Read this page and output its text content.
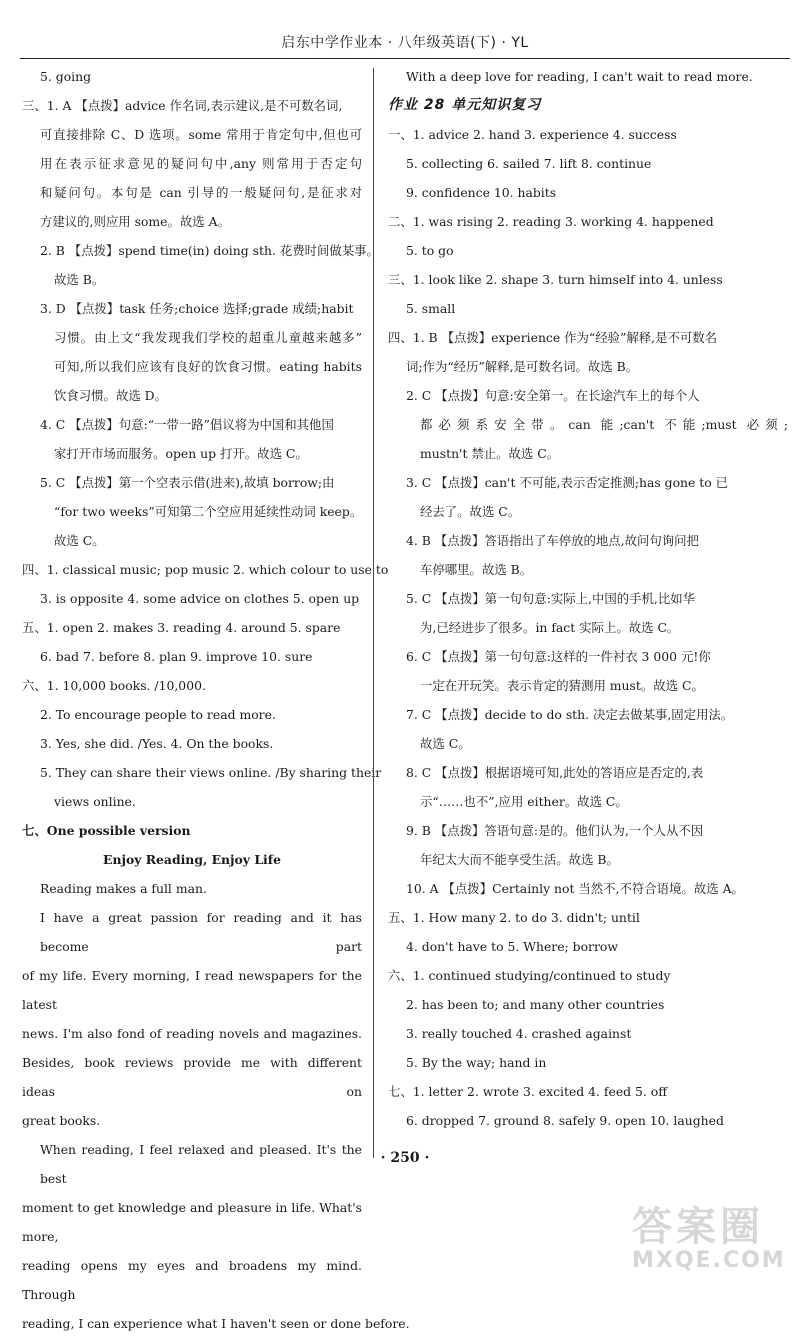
启东中学作业本 · 八年级英语(下) · YL
5. going
三、1. A 【点拨】advice 作名词,表示建议,是不可数名词,
可直接排除 C、D 选项。some 常用于肯定句中,但也可
用在表示征求意见的疑问句中,any 则常用于否定句
和疑问句。本句是 can 引导的一般疑问句,是征求对
方建议的,则应用 some。故选 A。
2. B 【点拨】spend time(in) doing sth. 花费时间做某事。
故选 B。
3. D 【点拨】task 任务;choice 选择;grade 成绩;habit
习惯。由上文“我发现我们学校的超重儿童越来越多”
可知,所以我们应该有良好的饮食习惯。eating habits
饮食习惯。故选 D。
4. C 【点拨】句意:“一带一路”倡议将为中国和其他国
家打开市场而服务。open up 打开。故选 C。
5. C 【点拨】第一个空表示借(进来),故填 borrow;由
“for two weeks”可知第二个空应用延续性动词 keep。
故选 C。
四、1. classical music; pop music 2. which colour to use to
3. is opposite 4. some advice on clothes 5. open up
五、1. open 2. makes 3. reading 4. around 5. spare
6. bad 7. before 8. plan 9. improve 10. sure
六、1. 10,000 books. /10,000.
2. To encourage people to read more.
3. Yes, she did. /Yes. 4. On the books.
5. They can share their views online. /By sharing their
views online.
七、One possible version
Enjoy Reading, Enjoy Life
Reading makes a full man.
I have a great passion for reading and it has become part
of my life. Every morning, I read newspapers for the latest
news. I'm also fond of reading novels and magazines.
Besides, book reviews provide me with different ideas on
great books.
When reading, I feel relaxed and pleased. It's the best
moment to get knowledge and pleasure in life. What's more,
reading opens my eyes and broadens my mind. Through
reading, I can experience what I haven't seen or done before.
With a deep love for reading, I can't wait to read more.
作业 28 单元知识复习
一、1. advice 2. hand 3. experience 4. success
5. collecting 6. sailed 7. lift 8. continue
9. confidence 10. habits
二、1. was rising 2. reading 3. working 4. happened
5. to go
三、1. look like 2. shape 3. turn himself into 4. unless
5. small
四、1. B 【点拨】experience 作为“经验”解释,是不可数名
词;作为“经历”解释,是可数名词。故选 B。
2. C 【点拨】句意:安全第一。在长途汽车上的每个人
都必须系安全带。can 能;can't 不能;must 必须;
mustn't 禁止。故选 C。
3. C 【点拨】can't 不可能,表示否定推测;has gone to 已
经去了。故选 C。
4. B 【点拨】答语指出了车停放的地点,故问句询问把
车停哪里。故选 B。
5. C 【点拨】第一句句意:实际上,中国的手机,比如华
为,已经进步了很多。in fact 实际上。故选 C。
6. C 【点拨】第一句句意:这样的一件衬衣 3 000 元!你
一定在开玩笑。表示肯定的猜测用 must。故选 C。
7. C 【点拨】decide to do sth. 决定去做某事,固定用法。
故选 C。
8. C 【点拨】根据语境可知,此处的答语应是否定的,表
示“……也不”,应用 either。故选 C。
9. B 【点拨】答语句意:是的。他们认为,一个人从不因
年纪太大而不能享受生活。故选 B。
10. A 【点拨】Certainly not 当然不,不符合语境。故选 A。
五、1. How many 2. to do 3. didn't; until
4. don't have to 5. Where; borrow
六、1. continued studying/continued to study
2. has been to; and many other countries
3. really touched 4. crashed against
5. By the way; hand in
七、1. letter 2. wrote 3. excited 4. feed 5. off
6. dropped 7. ground 8. safely 9. open 10. laughed
· 250 ·
答案圈
MXQE.COM
